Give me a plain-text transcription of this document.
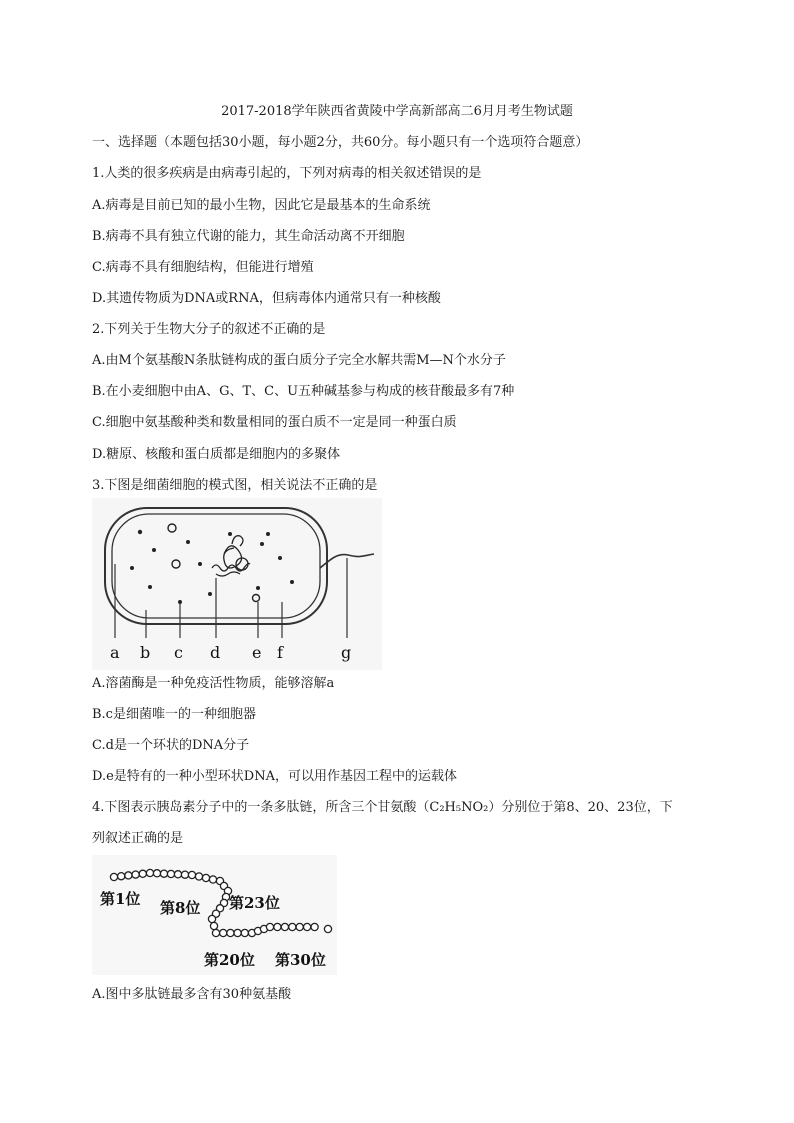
2017-2018学年陕西省黄陵中学高新部高二6月月考生物试题
一、选择题（本题包括30小题，每小题2分，共60分。每小题只有一个选项符合题意）
1.人类的很多疾病是由病毒引起的，下列对病毒的相关叙述错误的是
A.病毒是目前已知的最小生物，因此它是最基本的生命系统
B.病毒不具有独立代谢的能力，其生命活动离不开细胞
C.病毒不具有细胞结构，但能进行增殖
D.其遗传物质为DNA或RNA，但病毒体内通常只有一种核酸
2.下列关于生物大分子的叙述不正确的是
A.由M个氨基酸N条肽链构成的蛋白质分子完全水解共需M—N个水分子
B.在小麦细胞中由A、G、T、C、U五种碱基参与构成的核苷酸最多有7种
C.细胞中氨基酸种类和数量相同的蛋白质不一定是同一种蛋白质
D.糖原、核酸和蛋白质都是细胞内的多聚体
3.下图是细菌细胞的模式图，相关说法不正确的是
a b c d e f	g
A.溶菌酶是一种免疫活性物质，能够溶解a
B.c是细菌唯一的一种细胞器
C.d是一个环状的DNA分子
D.e是特有的一种小型环状DNA，可以用作基因工程中的运载体
4.下图表示胰岛素分子中的一条多肽链，所含三个甘氨酸（C₂H₅NO₂）分别位于第8、20、23位，下
列叙述正确的是
第1位 第8位 第23位
第20位 第30位
A.图中多肽链最多含有30种氨基酸
